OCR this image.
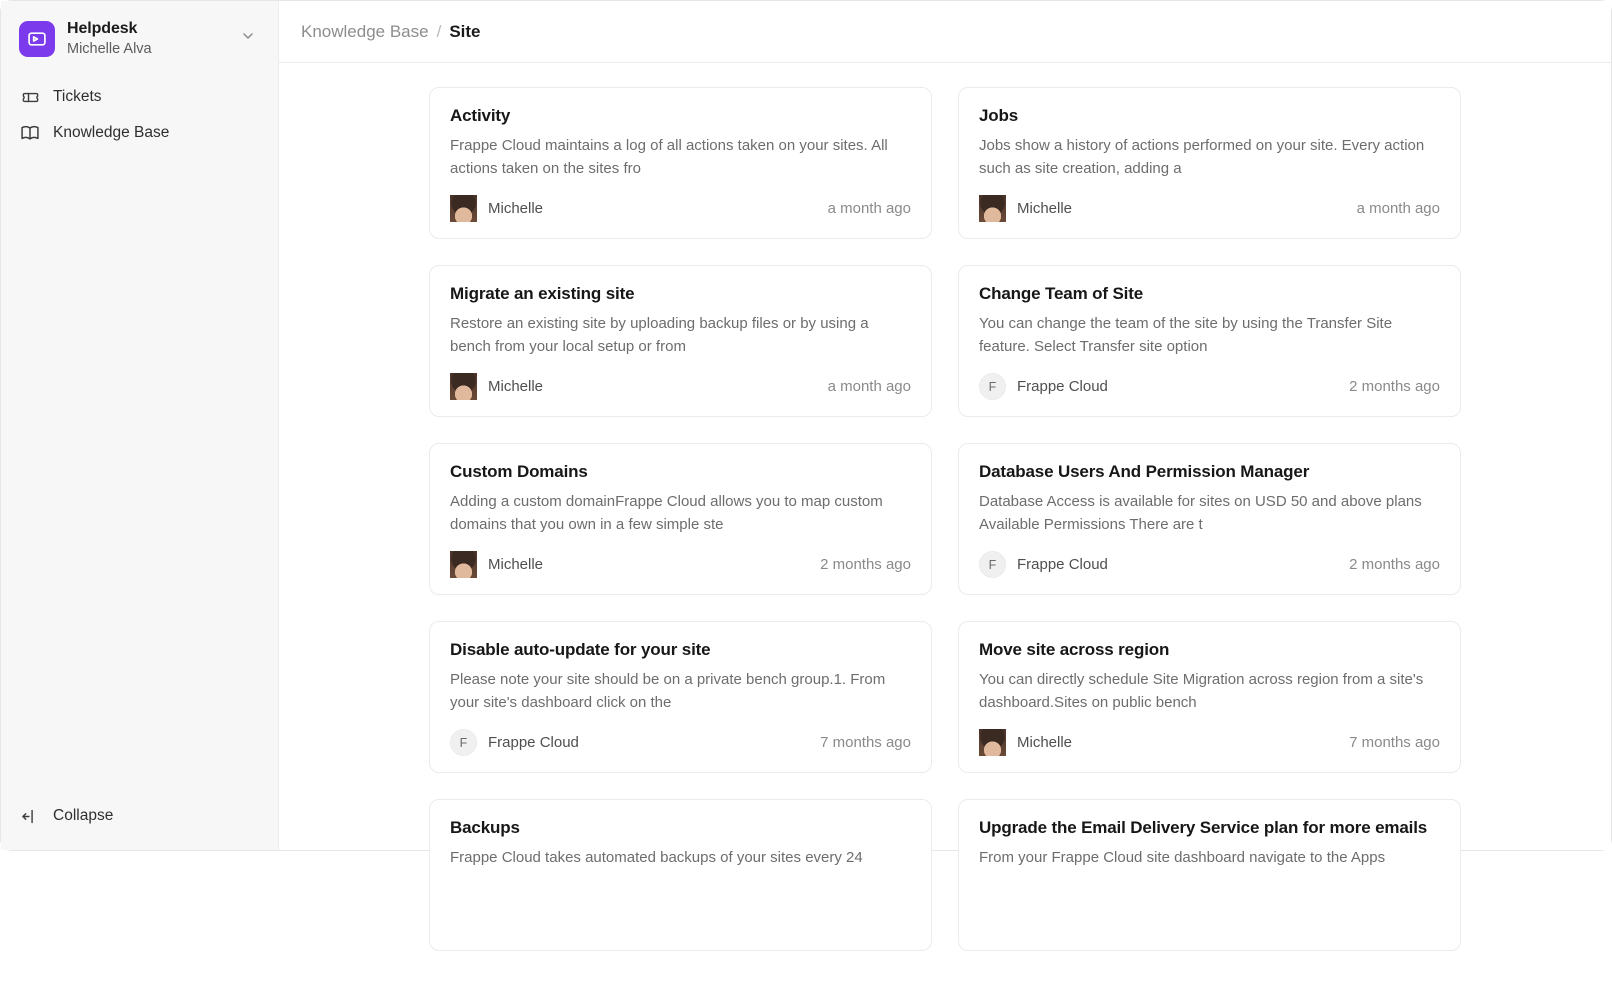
Helpdesk
Michelle Alva
Tickets
Knowledge Base
Collapse
Knowledge Base / Site
Activity
Frappe Cloud maintains a log of all actions taken on your sites. All actions taken on the sites fro
Michelle	a month ago
Jobs
Jobs show a history of actions performed on your site. Every action such as site creation, adding a
Michelle	a month ago
Migrate an existing site
Restore an existing site by uploading backup files or by using a bench from your local setup or from
Michelle	a month ago
Change Team of Site
You can change the team of the site by using the Transfer Site feature. Select Transfer site option
F	Frappe Cloud	2 months ago
Custom Domains
Adding a custom domainFrappe Cloud allows you to map custom domains that you own in a few simple ste
Michelle	2 months ago
Database Users And Permission Manager
Database Access is available for sites on USD 50 and above plans Available Permissions There are t
F	Frappe Cloud	2 months ago
Disable auto-update for your site
Please note your site should be on a private bench group.1. From your site's dashboard click on the
F	Frappe Cloud	7 months ago
Move site across region
You can directly schedule Site Migration across region from a site's dashboard.Sites on public bench
Michelle	7 months ago
Backups
Frappe Cloud takes automated backups of your sites every 24
Upgrade the Email Delivery Service plan for more emails
From your Frappe Cloud site dashboard navigate to the Apps
